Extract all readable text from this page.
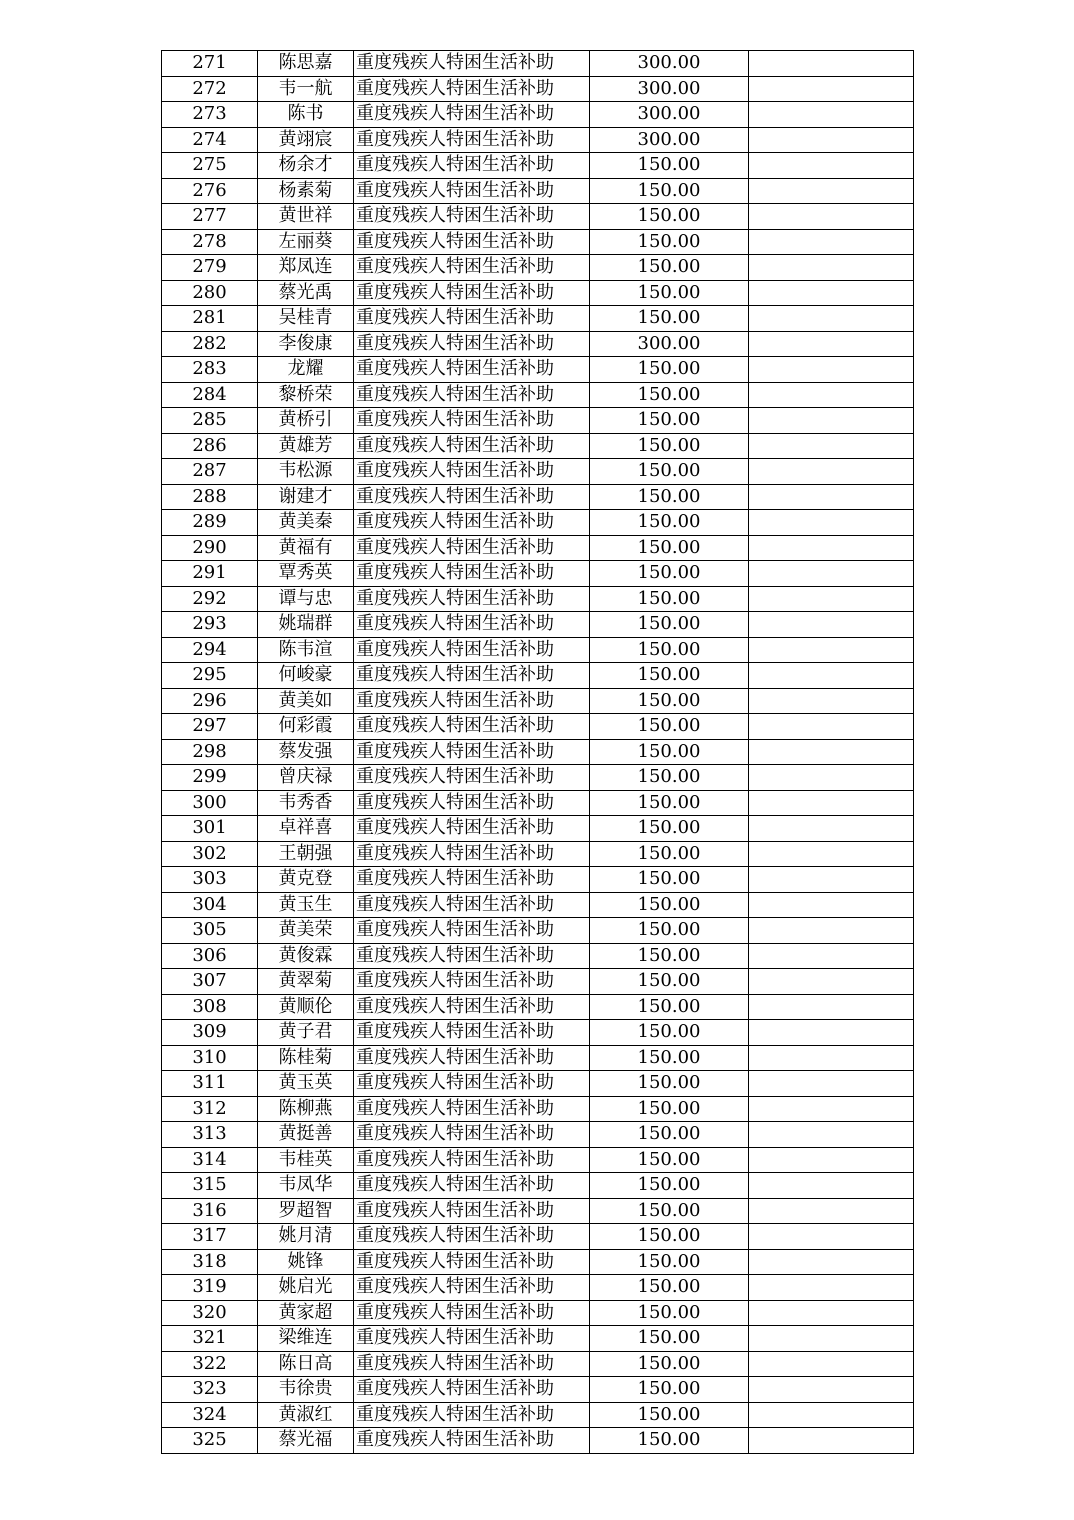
271	陈思嘉	重度残疾人特困生活补助	300.00	
272	韦一航	重度残疾人特困生活补助	300.00	
273	陈书	重度残疾人特困生活补助	300.00	
274	黄翊宸	重度残疾人特困生活补助	300.00	
275	杨余才	重度残疾人特困生活补助	150.00	
276	杨素菊	重度残疾人特困生活补助	150.00	
277	黄世祥	重度残疾人特困生活补助	150.00	
278	左丽葵	重度残疾人特困生活补助	150.00	
279	郑凤连	重度残疾人特困生活补助	150.00	
280	蔡光禹	重度残疾人特困生活补助	150.00	
281	吴桂青	重度残疾人特困生活补助	150.00	
282	李俊康	重度残疾人特困生活补助	300.00	
283	龙耀	重度残疾人特困生活补助	150.00	
284	黎桥荣	重度残疾人特困生活补助	150.00	
285	黄桥引	重度残疾人特困生活补助	150.00	
286	黄雄芳	重度残疾人特困生活补助	150.00	
287	韦松源	重度残疾人特困生活补助	150.00	
288	谢建才	重度残疾人特困生活补助	150.00	
289	黄美秦	重度残疾人特困生活补助	150.00	
290	黄福有	重度残疾人特困生活补助	150.00	
291	覃秀英	重度残疾人特困生活补助	150.00	
292	谭与忠	重度残疾人特困生活补助	150.00	
293	姚瑞群	重度残疾人特困生活补助	150.00	
294	陈韦渲	重度残疾人特困生活补助	150.00	
295	何峻豪	重度残疾人特困生活补助	150.00	
296	黄美如	重度残疾人特困生活补助	150.00	
297	何彩霞	重度残疾人特困生活补助	150.00	
298	蔡发强	重度残疾人特困生活补助	150.00	
299	曾庆禄	重度残疾人特困生活补助	150.00	
300	韦秀香	重度残疾人特困生活补助	150.00	
301	卓祥喜	重度残疾人特困生活补助	150.00	
302	王朝强	重度残疾人特困生活补助	150.00	
303	黄克登	重度残疾人特困生活补助	150.00	
304	黄玉生	重度残疾人特困生活补助	150.00	
305	黄美荣	重度残疾人特困生活补助	150.00	
306	黄俊霖	重度残疾人特困生活补助	150.00	
307	黄翠菊	重度残疾人特困生活补助	150.00	
308	黄顺伦	重度残疾人特困生活补助	150.00	
309	黄子君	重度残疾人特困生活补助	150.00	
310	陈桂菊	重度残疾人特困生活补助	150.00	
311	黄玉英	重度残疾人特困生活补助	150.00	
312	陈柳燕	重度残疾人特困生活补助	150.00	
313	黄挺善	重度残疾人特困生活补助	150.00	
314	韦桂英	重度残疾人特困生活补助	150.00	
315	韦凤华	重度残疾人特困生活补助	150.00	
316	罗超智	重度残疾人特困生活补助	150.00	
317	姚月清	重度残疾人特困生活补助	150.00	
318	姚锋	重度残疾人特困生活补助	150.00	
319	姚启光	重度残疾人特困生活补助	150.00	
320	黄家超	重度残疾人特困生活补助	150.00	
321	梁维连	重度残疾人特困生活补助	150.00	
322	陈日高	重度残疾人特困生活补助	150.00	
323	韦徐贵	重度残疾人特困生活补助	150.00	
324	黄淑红	重度残疾人特困生活补助	150.00	
325	蔡光福	重度残疾人特困生活补助	150.00	
